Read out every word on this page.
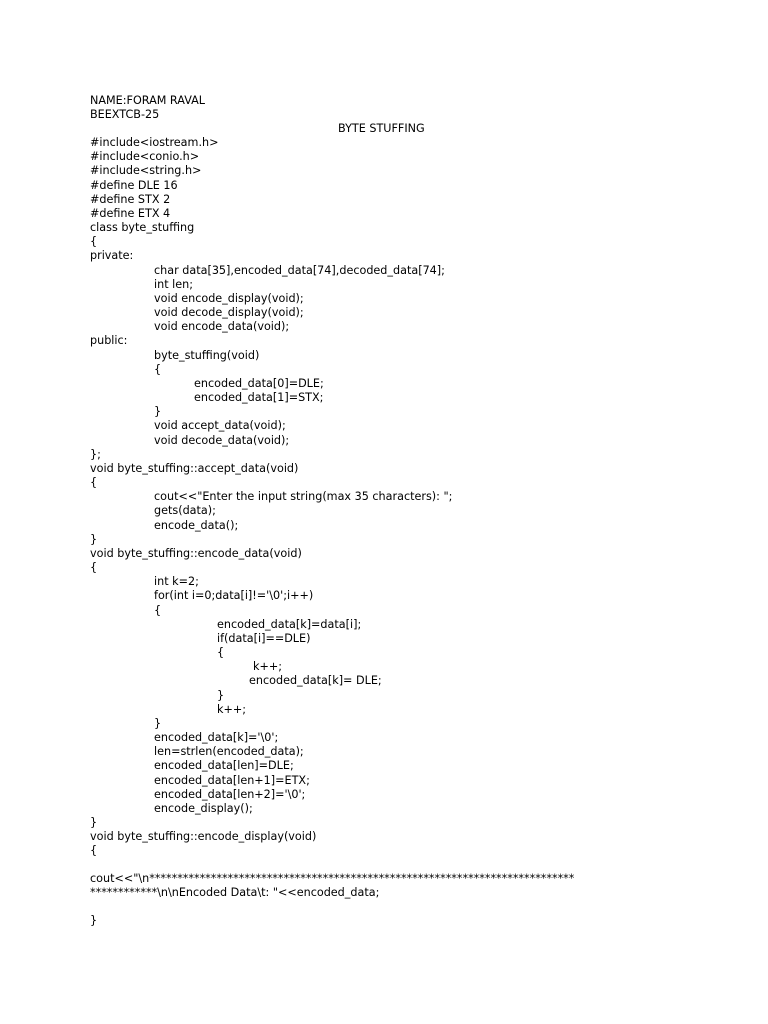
NAME:FORAM RAVAL
BEEXTCB-25
BYTE STUFFING
#include<iostream.h>
#include<conio.h>
#include<string.h>
#define DLE 16
#define STX 2
#define ETX 4
class byte_stuffing
{
private:
char data[35],encoded_data[74],decoded_data[74];
int len;
void encode_display(void);
void decode_display(void);
void encode_data(void);
public:
byte_stuffing(void)
{
encoded_data[0]=DLE;
encoded_data[1]=STX;
}
void accept_data(void);
void decode_data(void);
};
void byte_stuffing::accept_data(void)
{
cout<<"Enter the input string(max 35 characters): ";
gets(data);
encode_data();
}
void byte_stuffing::encode_data(void)
{
int k=2;
for(int i=0;data[i]!='\0';i++)
{
encoded_data[k]=data[i];
if(data[i]==DLE)
{
k++;
encoded_data[k]= DLE;
}
k++;
}
encoded_data[k]='\0';
len=strlen(encoded_data);
encoded_data[len]=DLE;
encoded_data[len+1]=ETX;
encoded_data[len+2]='\0';
encode_display();
}
void byte_stuffing::encode_display(void)
{
cout<<"\n****************************************************************************
************\n\nEncoded Data\t: "<<encoded_data;
}
